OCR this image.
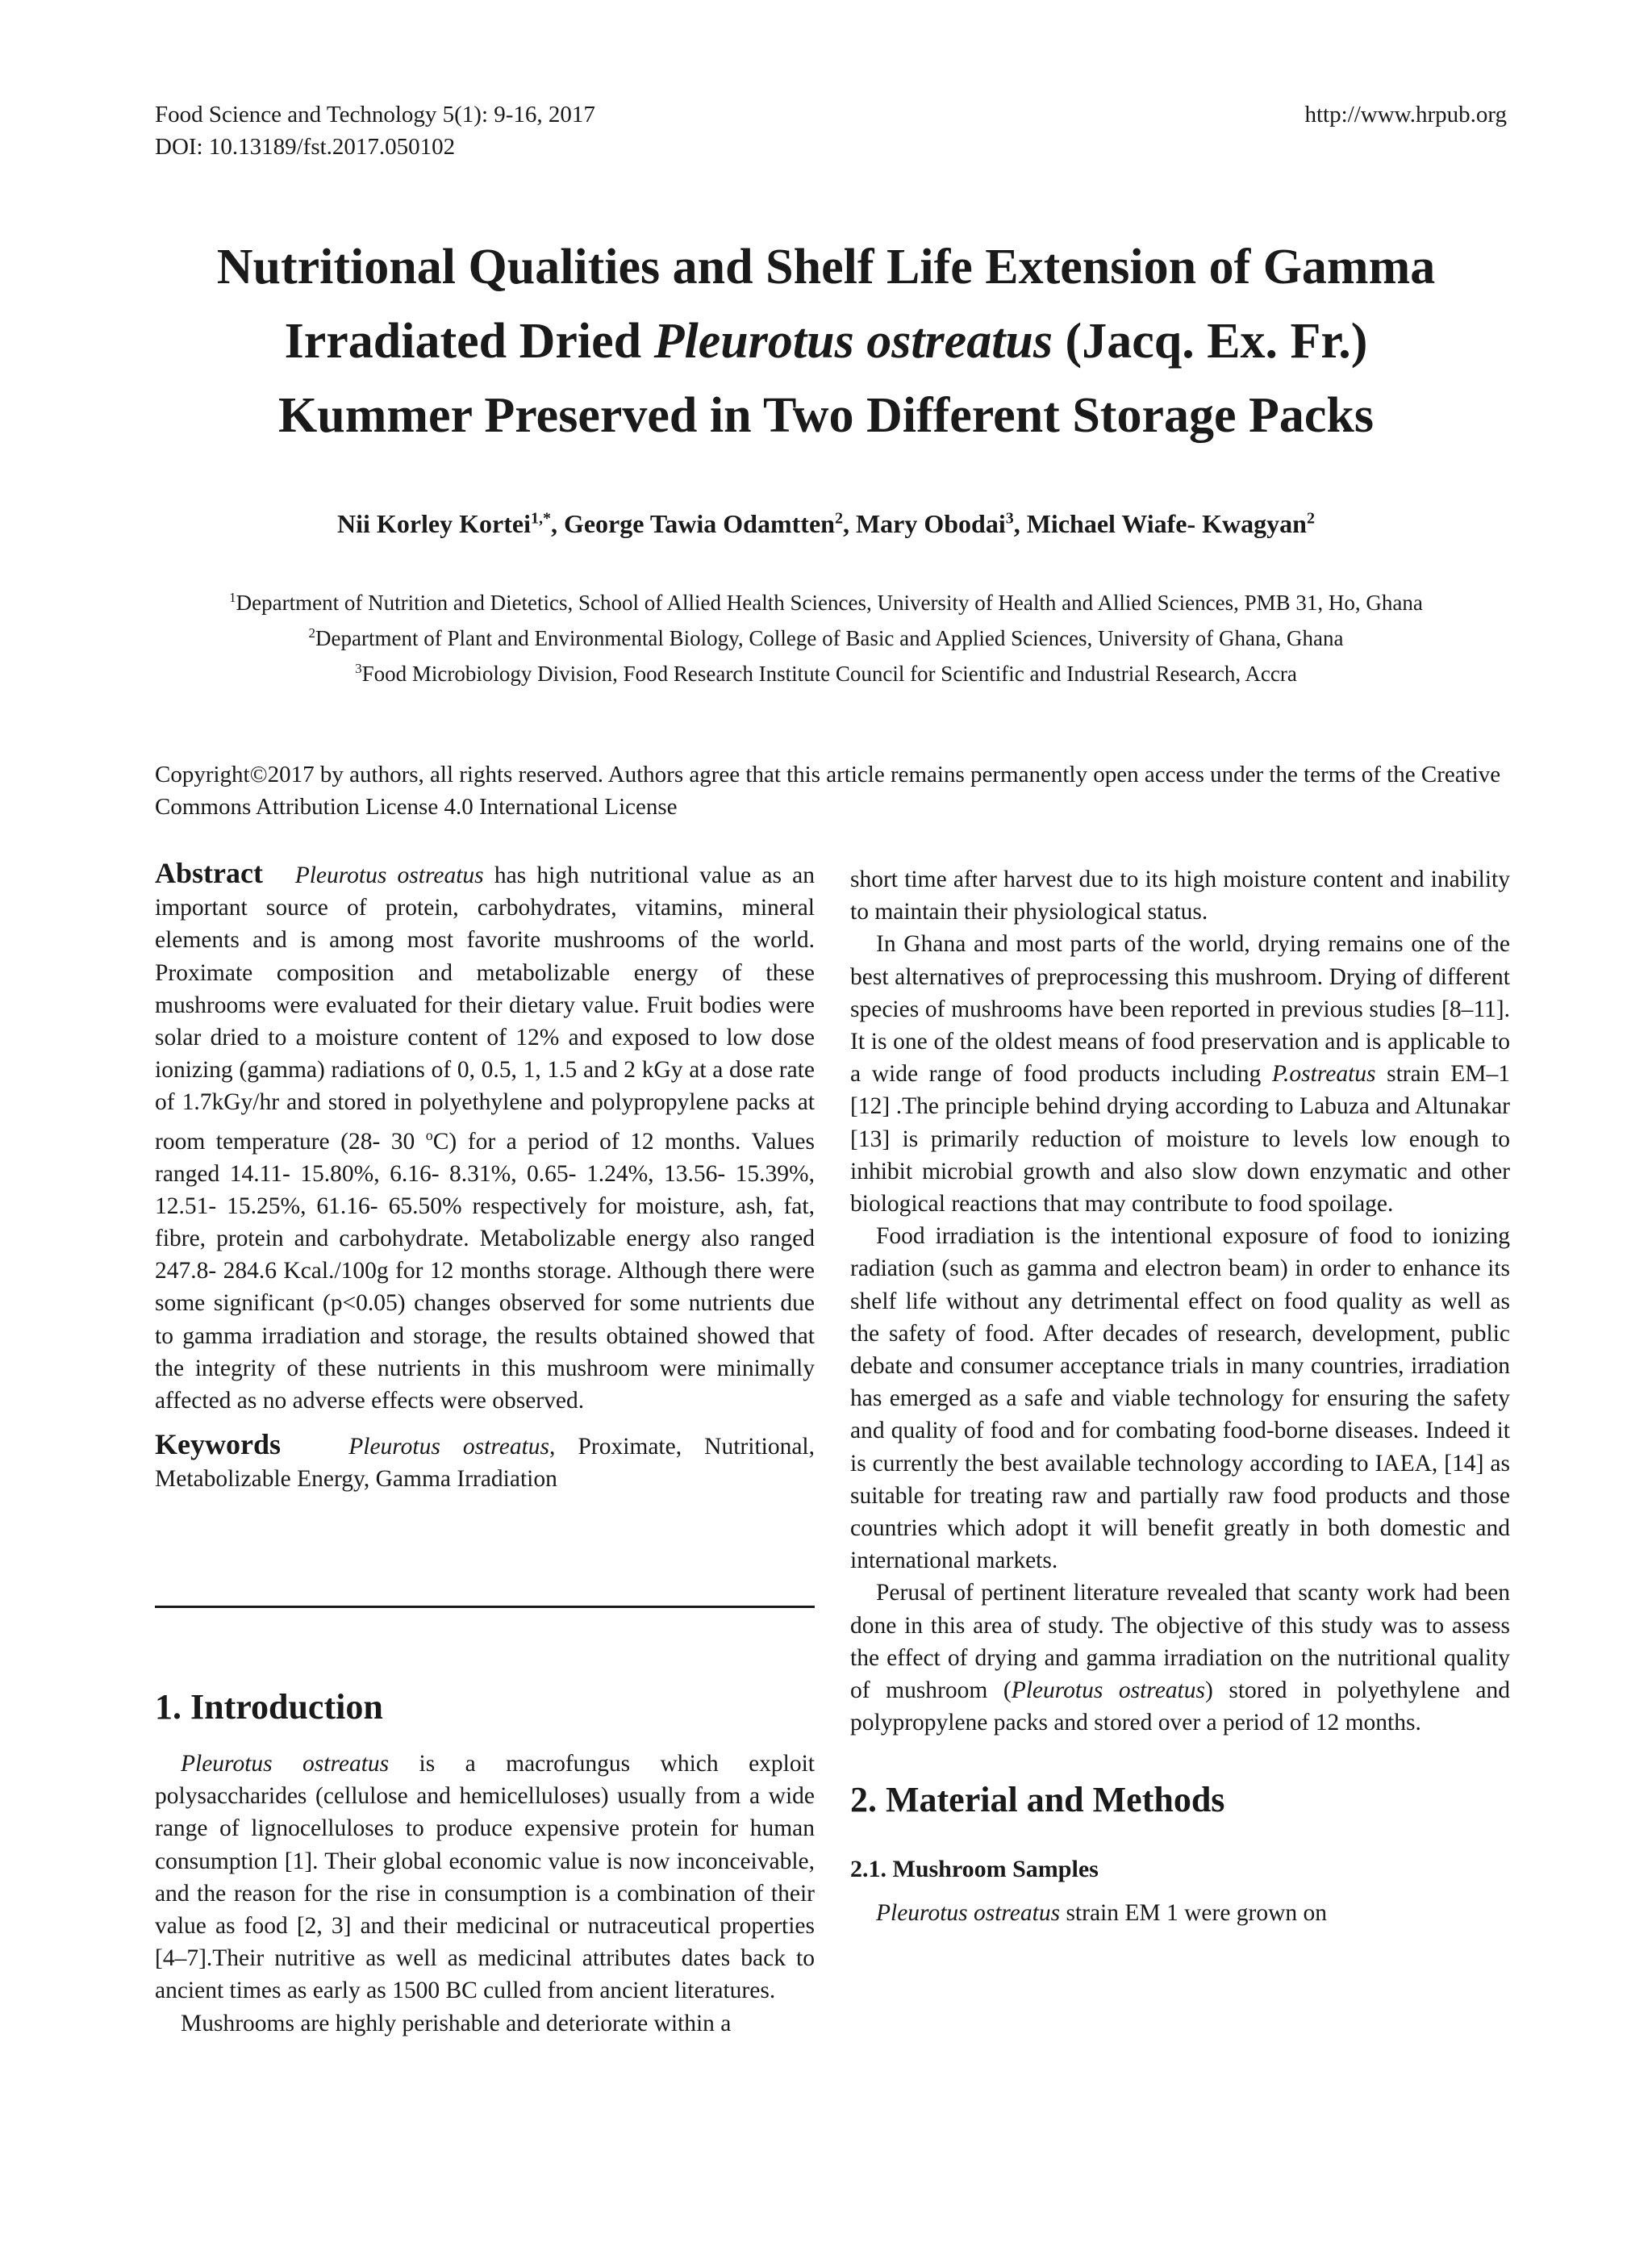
Food Science and Technology 5(1): 9-16, 2017
DOI: 10.13189/fst.2017.050102
http://www.hrpub.org
Nutritional Qualities and Shelf Life Extension of Gamma
Irradiated Dried Pleurotus ostreatus (Jacq. Ex. Fr.)
Kummer Preserved in Two Different Storage Packs
Nii Korley Kortei$^{1,*}$, George Tawia Odamtten$^2$, Mary Obodai$^3$, Michael Wiafe- Kwagyan$^2$
$^1$Department of Nutrition and Dietetics, School of Allied Health Sciences, University of Health and Allied Sciences, PMB 31, Ho, Ghana
$^2$Department of Plant and Environmental Biology, College of Basic and Applied Sciences, University of Ghana, Ghana
$^3$Food Microbiology Division, Food Research Institute Council for Scientific and Industrial Research, Accra
Copyright©2017 by authors, all rights reserved. Authors agree that this article remains permanently open access under the terms of the Creative Commons Attribution License 4.0 International License

Abstract Pleurotus ostreatus has high nutritional value as an important source of protein, carbohydrates, vitamins, mineral elements and is among most favorite mushrooms of the world. Proximate composition and metabolizable energy of these mushrooms were evaluated for their dietary value. Fruit bodies were solar dried to a moisture content of 12% and exposed to low dose ionizing (gamma) radiations of 0, 0.5, 1, 1.5 and 2 kGy at a dose rate of 1.7kGy/hr and stored in polyethylene and polypropylene packs at room temperature (28- 30 $^o$C) for a period of 12 months. Values ranged 14.11- 15.80%, 6.16- 8.31%, 0.65- 1.24%, 13.56- 15.39%, 12.51- 15.25%, 61.16- 65.50% respectively for moisture, ash, fat, fibre, protein and carbohydrate. Metabolizable energy also ranged 247.8- 284.6 Kcal./100g for 12 months storage. Although there were some significant (p<0.05) changes observed for some nutrients due to gamma irradiation and storage, the results obtained showed that the integrity of these nutrients in this mushroom were minimally affected as no adverse effects were observed.

Keywords	Pleurotus ostreatus, Proximate, Nutritional, Metabolizable Energy, Gamma Irradiation

1. Introduction

Pleurotus ostreatus is a macrofungus which exploit polysaccharides (cellulose and hemicelluloses) usually from a wide range of lignocelluloses to produce expensive protein for human consumption [1]. Their global economic value is now inconceivable, and the reason for the rise in consumption is a combination of their value as food [2, 3] and their medicinal or nutraceutical properties [4–7].Their nutritive as well as medicinal attributes dates back to ancient times as early as 1500 BC culled from ancient literatures.

Mushrooms are highly perishable and deteriorate within a

short time after harvest due to its high moisture content and inability to maintain their physiological status.

In Ghana and most parts of the world, drying remains one of the best alternatives of preprocessing this mushroom. Drying of different species of mushrooms have been reported in previous studies [8–11]. It is one of the oldest means of food preservation and is applicable to a wide range of food products including P.ostreatus strain EM–1 [12] .The principle behind drying according to Labuza and Altunakar [13] is primarily reduction of moisture to levels low enough to inhibit microbial growth and also slow down enzymatic and other biological reactions that may contribute to food spoilage.

Food irradiation is the intentional exposure of food to ionizing radiation (such as gamma and electron beam) in order to enhance its shelf life without any detrimental effect on food quality as well as the safety of food. After decades of research, development, public debate and consumer acceptance trials in many countries, irradiation has emerged as a safe and viable technology for ensuring the safety and quality of food and for combating food-borne diseases. Indeed it is currently the best available technology according to IAEA, [14] as suitable for treating raw and partially raw food products and those countries which adopt it will benefit greatly in both domestic and international markets.

Perusal of pertinent literature revealed that scanty work had been done in this area of study. The objective of this study was to assess the effect of drying and gamma irradiation on the nutritional quality of mushroom (Pleurotus ostreatus) stored in polyethylene and polypropylene packs and stored over a period of 12 months.

2. Material and Methods
2.1. Mushroom Samples

Pleurotus ostreatus strain EM 1 were grown on
